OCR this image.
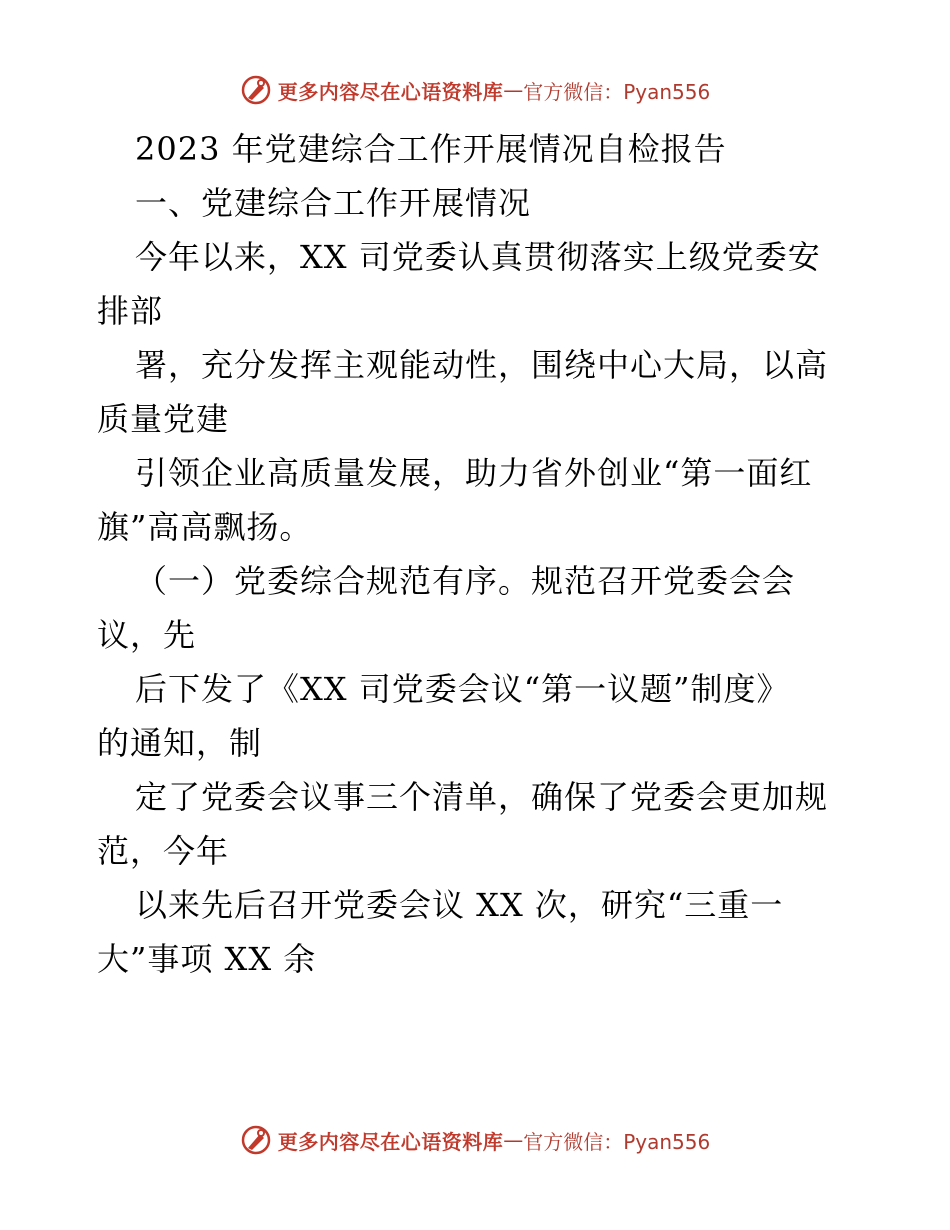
更多内容尽在心语资料库 — 官方微信：Pyan556
2023 年党建综合工作开展情况自检报告
一、党建综合工作开展情况
今年以来，XX 司党委认真贯彻落实上级党委安
排部
署，充分发挥主观能动性，围绕中心大局，以高
质量党建
引领企业高质量发展，助力省外创业“第一面红
旗”高高飘扬。
（一）党委综合规范有序。规范召开党委会会
议，先
后下发了《XX 司党委会议“第一议题”制度》
的通知，制
定了党委会议事三个清单，确保了党委会更加规
范，今年
以来先后召开党委会议 XX 次，研究“三重一
大”事项 XX 余
更多内容尽在心语资料库 — 官方微信：Pyan556
